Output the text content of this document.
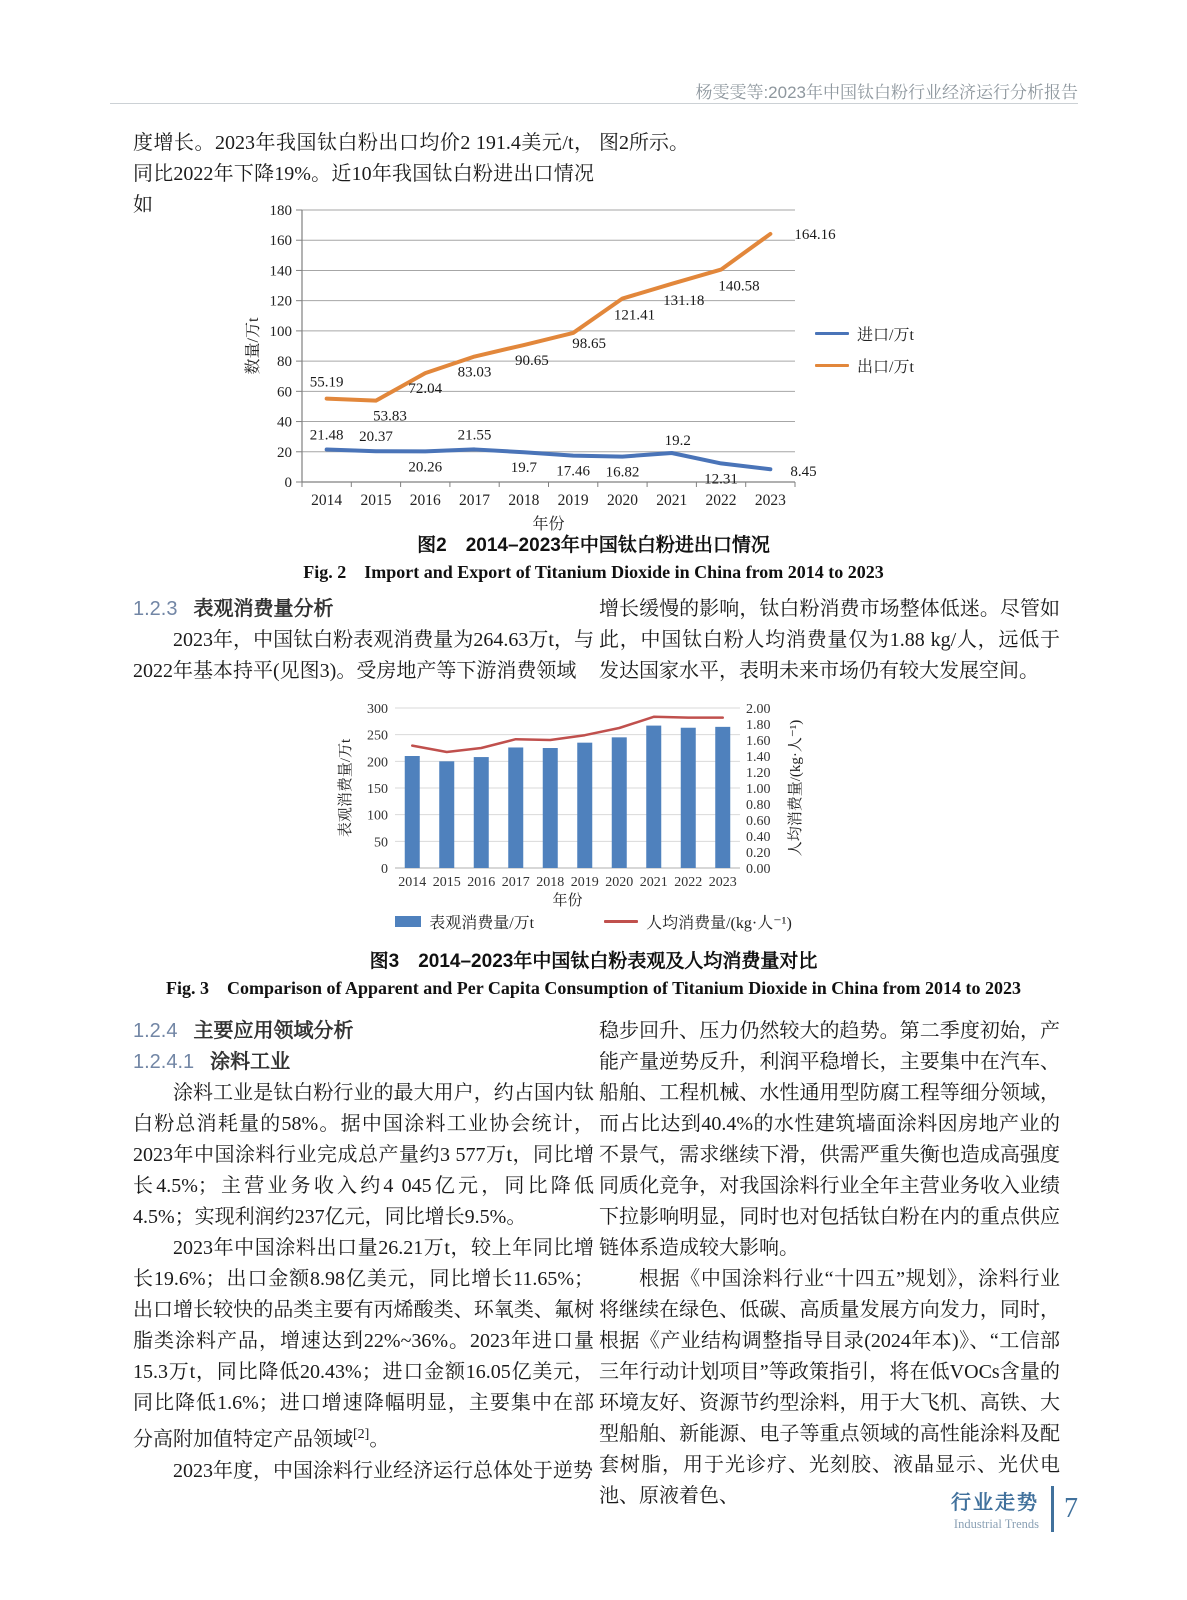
杨雯雯等:2023年中国钛白粉行业经济运行分析报告

度增长。2023年我国钛白粉出口均价2 191.4美元/t，同比2022年下降19%。近10年我国钛白粉进出口情况如

图2所示。

0
20
40
60
80
100
120
140
160
180
2014 2015 2016 2017 2018 2019 2020 2021 2022 2023
年份
数量/万t
21.48 20.37
20.26
21.55
19.7 17.46 16.82
19.2
12.31	8.45
55.19
53.83
72.04
83.03
90.65
98.65
121.41
131.18
140.58
164.16
进口/万t
出口/万t
图2　2014–2023年中国钛白粉进出口情况
Fig. 2　Import and Export of Titanium Dioxide in China from 2014 to 2023
1.2.3 表观消费量分析

2023年，中国钛白粉表观消费量为264.63万t，与2022年基本持平(见图3)。受房地产等下游消费领域

增长缓慢的影响，钛白粉消费市场整体低迷。尽管如此，中国钛白粉人均消费量仅为1.88 kg/人，远低于发达国家水平，表明未来市场仍有较大发展空间。

0
50
100
150
200
250
300
0.00
0.20
0.40
0.60
0.80
1.00
1.20
1.40
1.60
1.80
2.00
2014 2015 2016 2017 2018 2019 2020 2021 2022 2023
年份
表观消费量/万t	人均消费量/(kg·人⁻¹)
表观消费量/万t	人均消费量/(kg·人⁻¹)
图3　2014–2023年中国钛白粉表观及人均消费量对比
Fig. 3　Comparison of Apparent and Per Capita Consumption of Titanium Dioxide in China from 2014 to 2023
1.2.4 主要应用领域分析
1.2.4.1 涂料工业

涂料工业是钛白粉行业的最大用户，约占国内钛白粉总消耗量的58%。据中国涂料工业协会统计，2023年中国涂料行业完成总产量约3 577万t，同比增长4.5%；主营业务收入约4 045亿元，同比降低4.5%；实现利润约237亿元，同比增长9.5%。

2023年中国涂料出口量26.21万t，较上年同比增长19.6%；出口金额8.98亿美元，同比增长11.65%；出口增长较快的品类主要有丙烯酸类、环氧类、氟树脂类涂料产品，增速达到22%~36%。2023年进口量15.3万t，同比降低20.43%；进口金额16.05亿美元，同比降低1.6%；进口增速降幅明显，主要集中在部分高附加值特定产品领域[2]。

2023年度，中国涂料行业经济运行总体处于逆势

稳步回升、压力仍然较大的趋势。第二季度初始，产能产量逆势反升，利润平稳增长，主要集中在汽车、船舶、工程机械、水性通用型防腐工程等细分领域，而占比达到40.4%的水性建筑墙面涂料因房地产业的不景气，需求继续下滑，供需严重失衡也造成高强度同质化竞争，对我国涂料行业全年主营业务收入业绩下拉影响明显，同时也对包括钛白粉在内的重点供应链体系造成较大影响。

根据《中国涂料行业“十四五”规划》，涂料行业将继续在绿色、低碳、高质量发展方向发力，同时，根据《产业结构调整指导目录(2024年本)》、“工信部三年行动计划项目”等政策指引，将在低VOCs含量的环境友好、资源节约型涂料，用于大飞机、高铁、大型船舶、新能源、电子等重点领域的高性能涂料及配套树脂，用于光诊疗、光刻胶、液晶显示、光伏电池、原液着色、	行业走势
Industrial Trends 7
